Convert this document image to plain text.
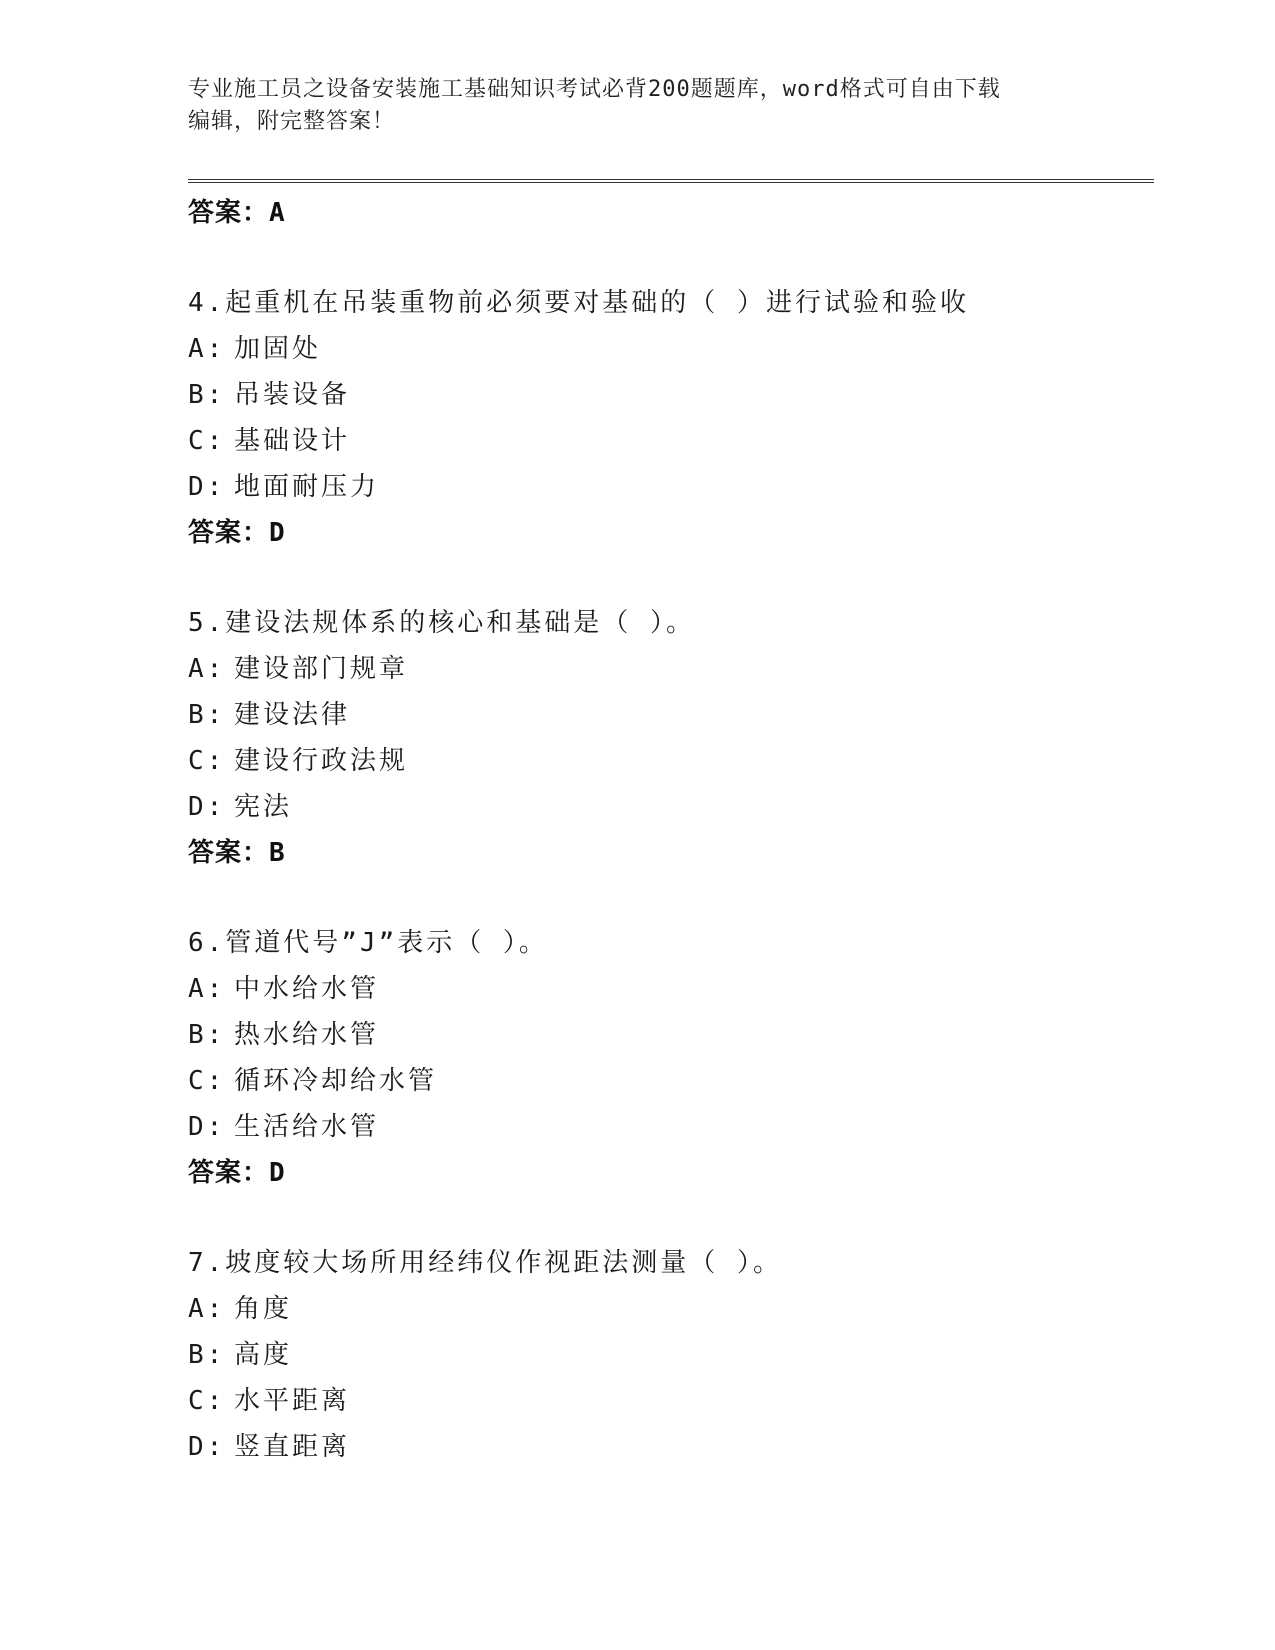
专业施工员之设备安装施工基础知识考试必背200题题库，word格式可自由下载
编辑，附完整答案！
答案：A
4.起重机在吊装重物前必须要对基础的（ ）进行试验和验收
A: 加固处
B: 吊装设备
C: 基础设计
D: 地面耐压力
答案：D
5.建设法规体系的核心和基础是（ ）。
A: 建设部门规章
B: 建设法律
C: 建设行政法规
D: 宪法
答案：B
6.管道代号”J”表示（ ）。
A: 中水给水管
B: 热水给水管
C: 循环冷却给水管
D: 生活给水管
答案：D
7.坡度较大场所用经纬仪作视距法测量（ ）。
A: 角度
B: 高度
C: 水平距离
D: 竖直距离
